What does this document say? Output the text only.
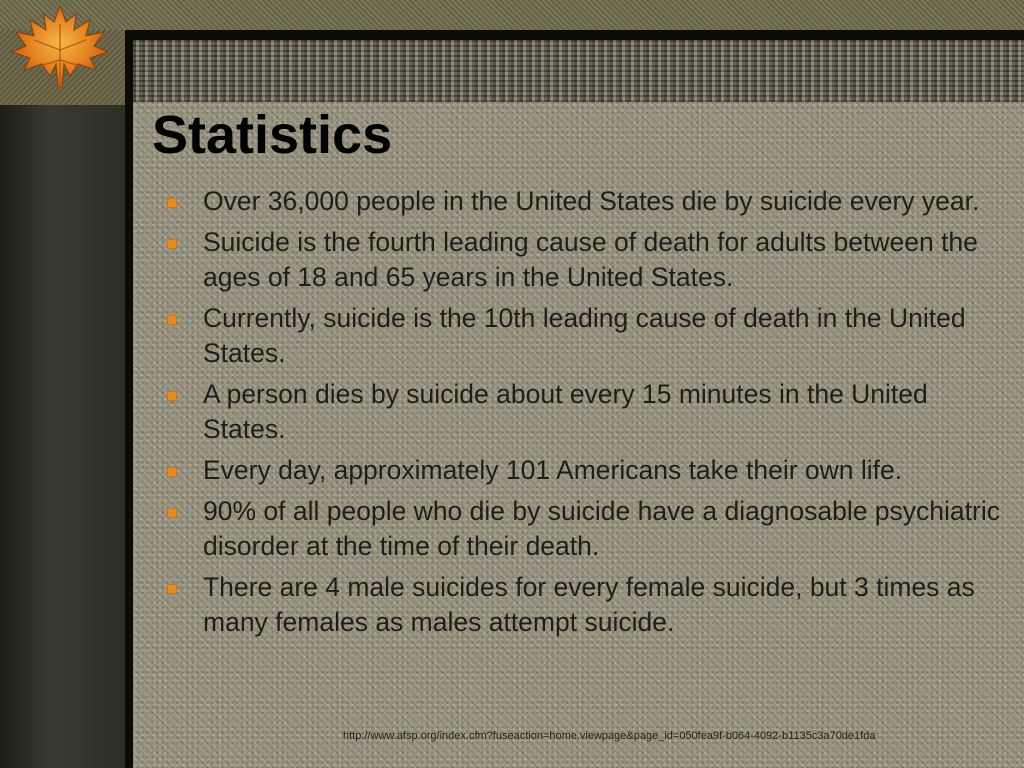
Statistics
Over 36,000 people in the United States die by suicide every year.
Suicide is the fourth leading cause of death for adults between the ages of 18 and 65 years in the United States.
Currently, suicide is the 10th leading cause of death in the United States.
A person dies by suicide about every 15 minutes in the United States.
Every day, approximately 101 Americans take their own life.
90% of all people who die by suicide have a diagnosable psychiatric disorder at the time of their death.
There are 4 male suicides for every female suicide, but 3 times as many females as males attempt suicide.
http://www.afsp.org/index.cfm?fuseaction=home.viewpage&page_id=050fea9f-b064-4092-b1135c3a70de1fda
